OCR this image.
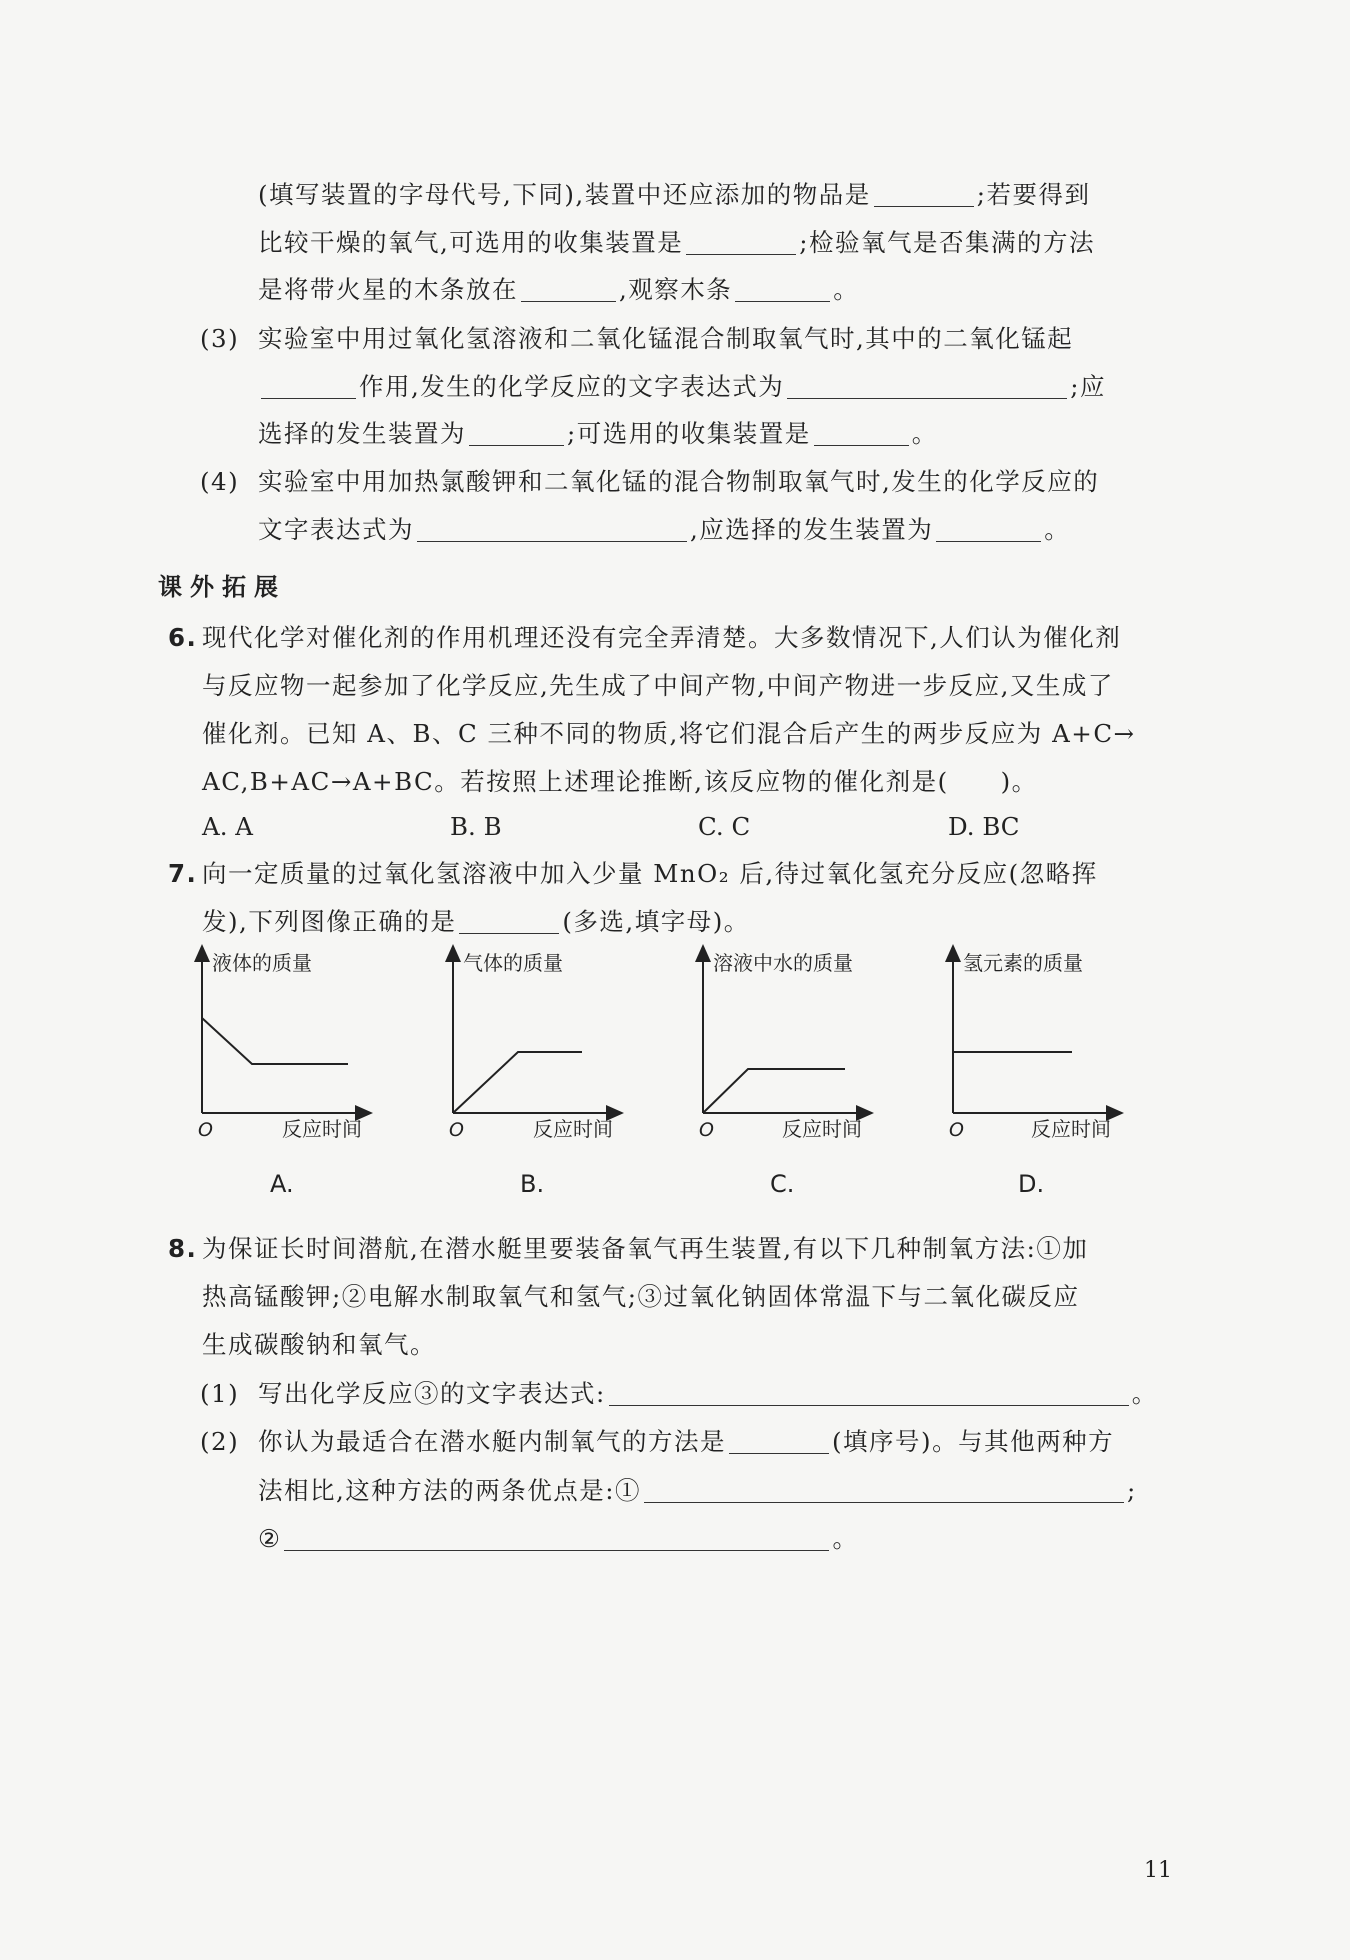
(填写装置的字母代号,下同),装置中还应添加的物品是	;若要得到
比较干燥的氧气,可选用的收集装置是	;检验氧气是否集满的方法
是将带火星的木条放在	,观察木条	。
(3) 实验室中用过氧化氢溶液和二氧化锰混合制取氧气时,其中的二氧化锰起
作用,发生的化学反应的文字表达式为	;应
选择的发生装置为	;可选用的收集装置是	。
(4) 实验室中用加热氯酸钾和二氧化锰的混合物制取氧气时,发生的化学反应的
文字表达式为	,应选择的发生装置为	。
课外拓展
6. 现代化学对催化剂的作用机理还没有完全弄清楚。大多数情况下,人们认为催化剂
与反应物一起参加了化学反应,先生成了中间产物,中间产物进一步反应,又生成了
催化剂。已知 A、B、C 三种不同的物质,将它们混合后产生的两步反应为 A+C→
AC,B+AC→A+BC。若按照上述理论推断,该反应物的催化剂是(　　)。
A. A	B. B	C. C	D. BC
7. 向一定质量的过氧化氢溶液中加入少量 MnO₂ 后,待过氧化氢充分反应(忽略挥
发),下列图像正确的是	(多选,填字母)。
液体的质量
O	反应时间
A.
气体的质量
O	反应时间
B.
溶液中水的质量
O	反应时间
C.
氢元素的质量
O	反应时间
D.
8. 为保证长时间潜航,在潜水艇里要装备氧气再生装置,有以下几种制氧方法:①加
热高锰酸钾;②电解水制取氧气和氢气;③过氧化钠固体常温下与二氧化碳反应
生成碳酸钠和氧气。
(1) 写出化学反应③的文字表达式:	。
(2) 你认为最适合在潜水艇内制氧气的方法是	(填序号)。与其他两种方
法相比,这种方法的两条优点是:①	;
②	。
11
